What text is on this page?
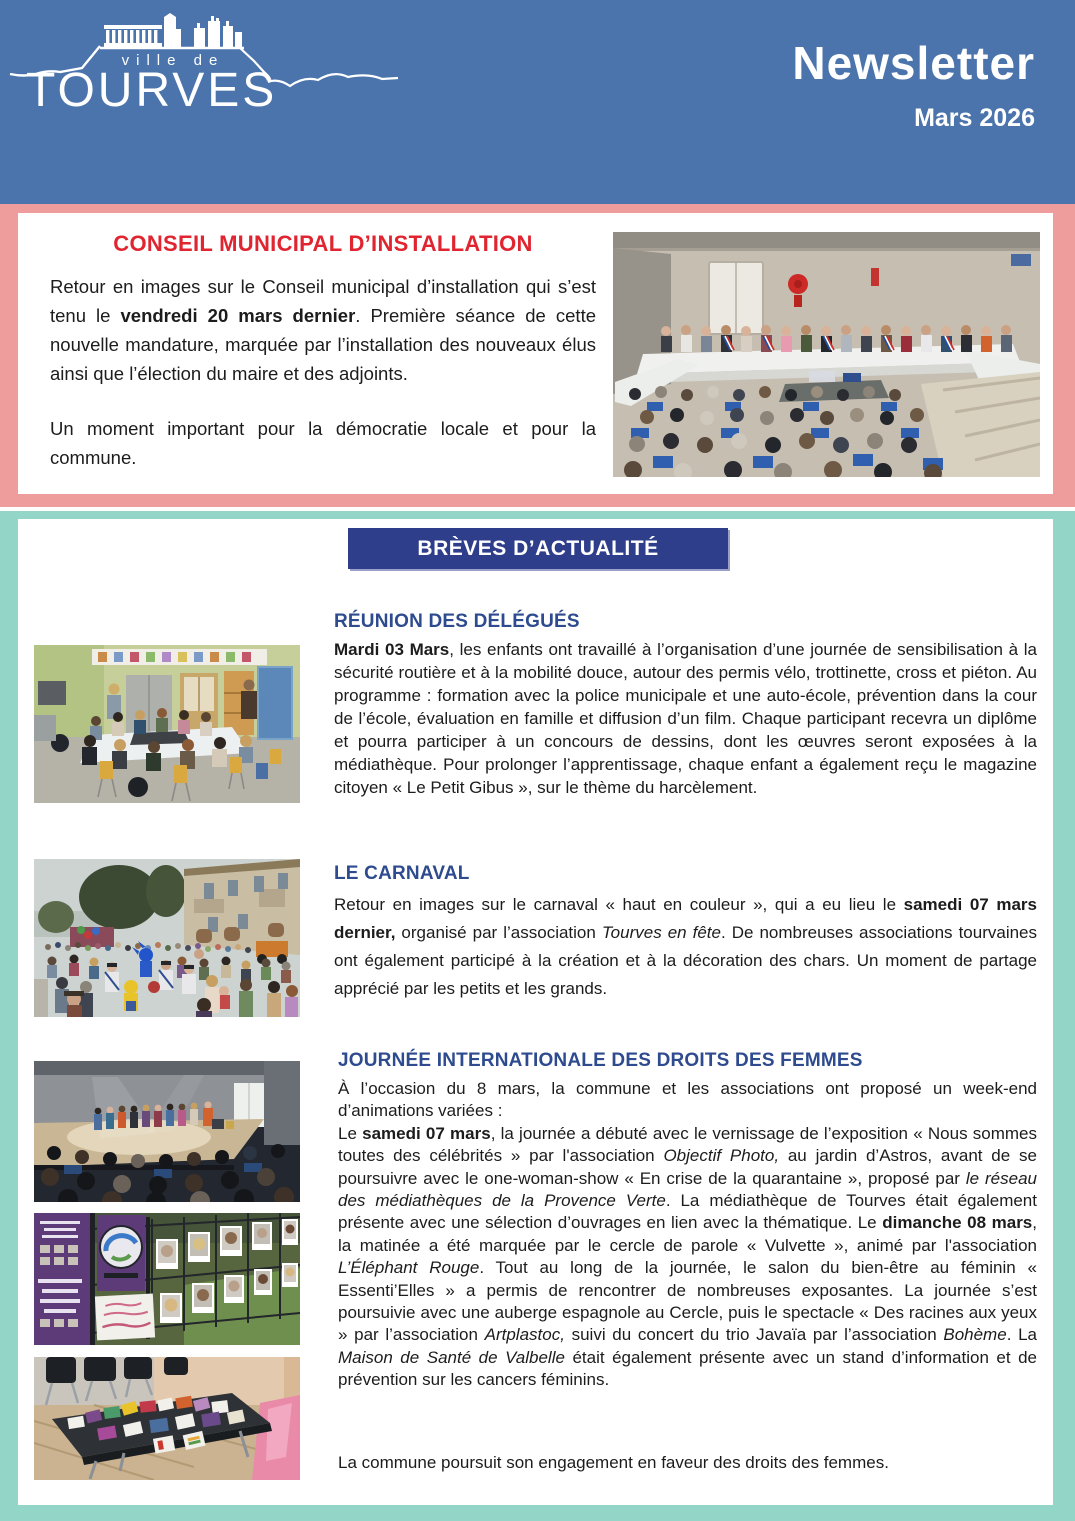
ville de
TOURVES
Newsletter
Mars 2026
CONSEIL MUNICIPAL D’INSTALLATION

Retour en images sur le Conseil municipal d’installation qui s’est tenu le vendredi 20 mars dernier. Première séance de cette nouvelle mandature, marquée par l’installation des nouveaux élus ainsi que l’élection du maire et des adjoints.

Un moment important pour la démocratie locale et pour la commune.

BRÈVES D’ACTUALITÉ
RÉUNION DES DÉLÉGUÉS
Mardi 03 Mars, les enfants ont travaillé à l’organisation d’une journée de sensibilisation à la sécurité routière et à la mobilité douce, autour des permis vélo, trottinette, cross et piéton. Au programme : formation avec la police municipale et une auto-école, prévention dans la cour de l’école, évaluation en famille et diffusion d’un film. Chaque participant recevra un diplôme et pourra participer à un concours de dessins, dont les œuvres seront exposées à la médiathèque. Pour prolonger l’apprentissage, chaque enfant a également reçu le magazine citoyen « Le Petit Gibus », sur le thème du harcèlement.
LE CARNAVAL
Retour en images sur le carnaval « haut en couleur », qui a eu lieu le samedi 07 mars dernier, organisé par l’association Tourves en fête. De nombreuses associations tourvaines ont également participé à la création et à la décoration des chars. Un moment de partage apprécié par les petits et les grands.
JOURNÉE INTERNATIONALE DES DROITS DES FEMMES
À l’occasion du 8 mars, la commune et les associations ont proposé un week-end d’animations variées :
Le samedi 07 mars, la journée a débuté avec le vernissage de l’exposition « Nous sommes toutes des célébrités » par l'association Objectif Photo, au jardin d’Astros, avant de se poursuivre avec le one-woman-show « En crise de la quarantaine », proposé par le réseau des médiathèques de la Provence Verte. La médiathèque de Tourves était également présente avec une sélection d’ouvrages en lien avec la thématique. Le dimanche 08 mars, la matinée a été marquée par le cercle de parole « Vulvette », animé par l'association L’Éléphant Rouge. Tout au long de la journée, le salon du bien-être au féminin « Essenti’Elles » a permis de rencontrer de nombreuses exposantes. La journée s’est poursuivie avec une auberge espagnole au Cercle, puis le spectacle « Des racines aux yeux » par l’association Artplastoc, suivi du concert du trio Javaïa par l’association Bohème. La Maison de Santé de Valbelle était également présente avec un stand d’information et de prévention sur les cancers féminins.
La commune poursuit son engagement en faveur des droits des femmes.
